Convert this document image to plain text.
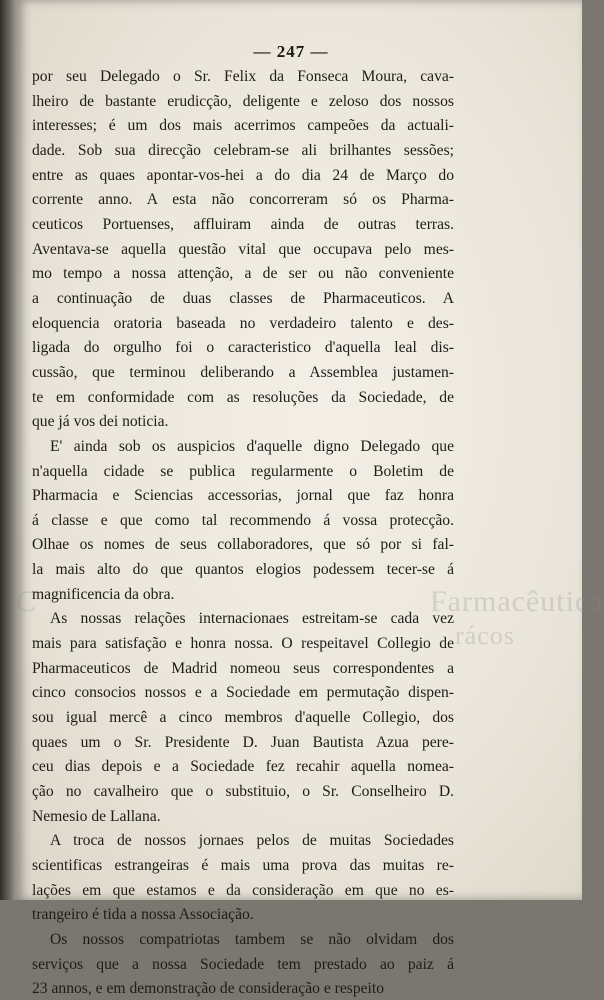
C	Farmacêutica
rácos
— 247 —

por seu Delegado o Sr. Felix da Fonseca Moura, cava-

lheiro de bastante erudicção, deligente e zeloso dos nossos

interesses; é um dos mais acerrimos campeões da actuali-

dade. Sob sua direcção celebram-se ali brilhantes sessões;

entre as quaes apontar-vos-hei a do dia 24 de Março do

corrente anno. A esta não concorreram só os Pharma-

ceuticos Portuenses, affluiram ainda de outras terras.

Aventava-se aquella questão vital que occupava pelo mes-

mo tempo a nossa attenção, a de ser ou não conveniente

a continuação de duas classes de Pharmaceuticos. A

eloquencia oratoria baseada no verdadeiro talento e des-

ligada do orgulho foi o caracteristico d'aquella leal dis-

cussão, que terminou deliberando a Assemblea justamen-

te em conformidade com as resoluções da Sociedade, de

que já vos dei noticia.

E' ainda sob os auspicios d'aquelle digno Delegado que

n'aquella cidade se publica regularmente o Boletim de

Pharmacia e Sciencias accessorias, jornal que faz honra

á classe e que como tal recommendo á vossa protecção.

Olhae os nomes de seus collaboradores, que só por si fal-

la mais alto do que quantos elogios podessem tecer-se á

magnificencia da obra.

As nossas relações internacionaes estreitam-se cada vez

mais para satisfação e honra nossa. O respeitavel Collegio de

Pharmaceuticos de Madrid nomeou seus correspondentes a

cinco consocios nossos e a Sociedade em permutação dispen-

sou igual mercê a cinco membros d'aquelle Collegio, dos

quaes um o Sr. Presidente D. Juan Bautista Azua pere-

ceu dias depois e a Sociedade fez recahir aquella nomea-

ção no cavalheiro que o substituio, o Sr. Conselheiro D.

Nemesio de Lallana.

A troca de nossos jornaes pelos de muitas Sociedades

scientificas estrangeiras é mais uma prova das muitas re-

lações em que estamos e da consideração em que no es-

trangeiro é tida a nossa Associação.

Os nossos compatriotas tambem se não olvidam dos

serviços que a nossa Sociedade tem prestado ao paiz á

23 annos, e em demonstração de consideração e respeito
